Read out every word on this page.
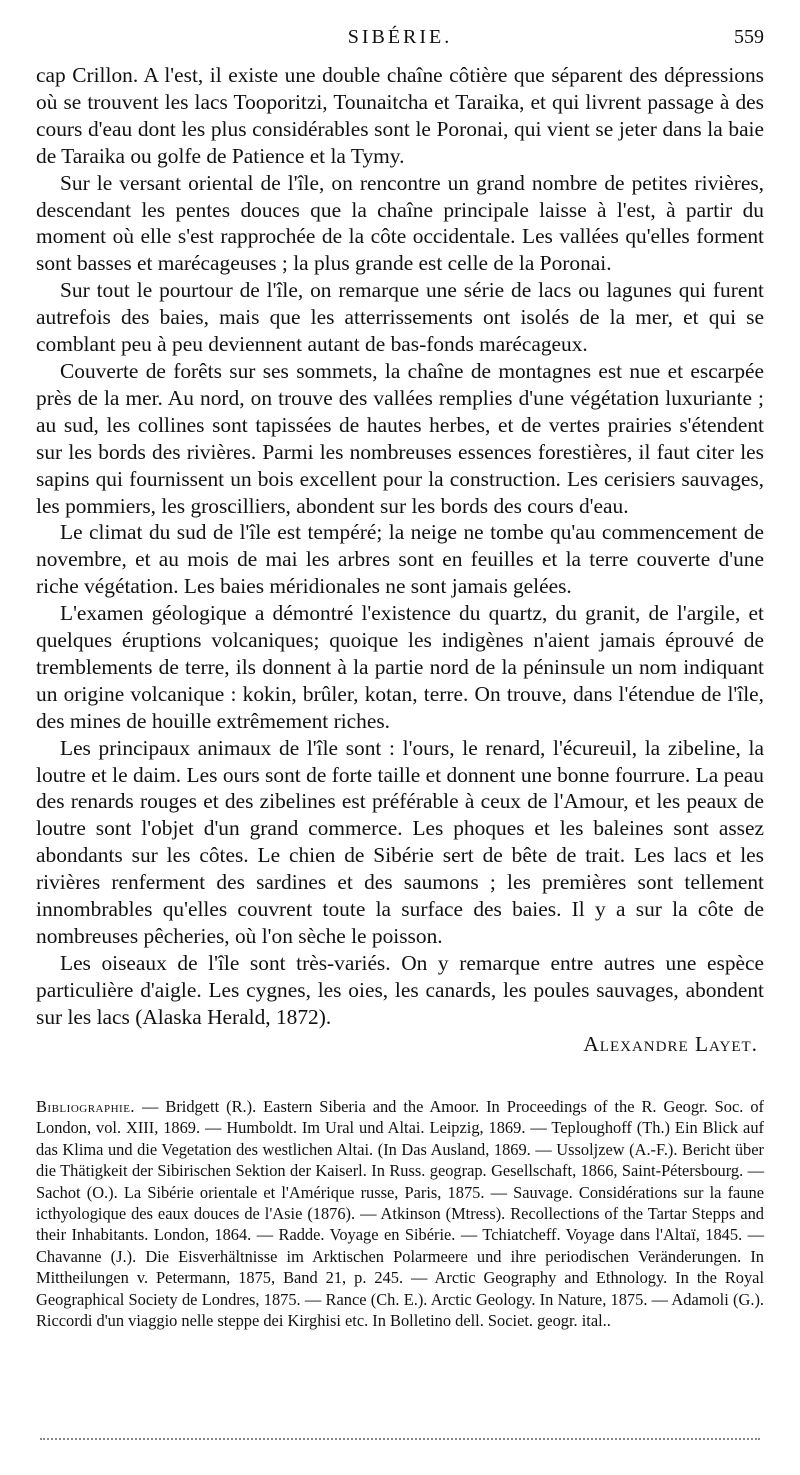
SIBÉRIE.	559

cap Crillon. A l'est, il existe une double chaîne côtière que séparent des dépressions où se trouvent les lacs Tooporitzi, Tounaitcha et Taraika, et qui livrent passage à des cours d'eau dont les plus considérables sont le Poronai, qui vient se jeter dans la baie de Taraika ou golfe de Patience et la Tymy.

Sur le versant oriental de l'île, on rencontre un grand nombre de petites rivières, descendant les pentes douces que la chaîne principale laisse à l'est, à partir du moment où elle s'est rapprochée de la côte occidentale. Les vallées qu'elles forment sont basses et marécageuses ; la plus grande est celle de la Poronai.

Sur tout le pourtour de l'île, on remarque une série de lacs ou lagunes qui furent autrefois des baies, mais que les atterrissements ont isolés de la mer, et qui se comblant peu à peu deviennent autant de bas-fonds marécageux.

Couverte de forêts sur ses sommets, la chaîne de montagnes est nue et escarpée près de la mer. Au nord, on trouve des vallées remplies d'une végétation luxuriante ; au sud, les collines sont tapissées de hautes herbes, et de vertes prairies s'étendent sur les bords des rivières. Parmi les nombreuses essences forestières, il faut citer les sapins qui fournissent un bois excellent pour la construction. Les cerisiers sauvages, les pommiers, les groscilliers, abondent sur les bords des cours d'eau.

Le climat du sud de l'île est tempéré; la neige ne tombe qu'au commencement de novembre, et au mois de mai les arbres sont en feuilles et la terre couverte d'une riche végétation. Les baies méridionales ne sont jamais gelées.

L'examen géologique a démontré l'existence du quartz, du granit, de l'argile, et quelques éruptions volcaniques; quoique les indigènes n'aient jamais éprouvé de tremblements de terre, ils donnent à la partie nord de la péninsule un nom indiquant un origine volcanique : kokin, brûler, kotan, terre. On trouve, dans l'étendue de l'île, des mines de houille extrêmement riches.

Les principaux animaux de l'île sont : l'ours, le renard, l'écureuil, la zibeline, la loutre et le daim. Les ours sont de forte taille et donnent une bonne fourrure. La peau des renards rouges et des zibelines est préférable à ceux de l'Amour, et les peaux de loutre sont l'objet d'un grand commerce. Les phoques et les baleines sont assez abondants sur les côtes. Le chien de Sibérie sert de bête de trait. Les lacs et les rivières renferment des sardines et des saumons ; les premières sont tellement innombrables qu'elles couvrent toute la surface des baies. Il y a sur la côte de nombreuses pêcheries, où l'on sèche le poisson.

Les oiseaux de l'île sont très-variés. On y remarque entre autres une espèce particulière d'aigle. Les cygnes, les oies, les canards, les poules sauvages, abondent sur les lacs (Alaska Herald, 1872).

Alexandre Layet.
Bibliographie. — Bridgett (R.). Eastern Siberia and the Amoor. In Proceedings of the R. Geogr. Soc. of London, vol. XIII, 1869. — Humboldt. Im Ural und Altai. Leipzig, 1869. — Teploughoff (Th.) Ein Blick auf das Klima und die Vegetation des westlichen Altai. (In Das Ausland, 1869. — Ussoljzew (A.-F.). Bericht über die Thätigkeit der Sibirischen Sektion der Kaiserl. In Russ. geograp. Gesellschaft, 1866, Saint-Pétersbourg. — Sachot (O.). La Sibérie orientale et l'Amérique russe, Paris, 1875. — Sauvage. Considérations sur la faune icthyologique des eaux douces de l'Asie (1876). — Atkinson (Mtress). Recollections of the Tartar Stepps and their Inhabitants. London, 1864. — Radde. Voyage en Sibérie. — Tchiatcheff. Voyage dans l'Altaï, 1845. — Chavanne (J.). Die Eisverhältnisse im Arktischen Polarmeere und ihre periodischen Veränderungen. In Mittheilungen v. Petermann, 1875, Band 21, p. 245. — Arctic Geography and Ethnology. In the Royal Geographical Society de Londres, 1875. — Rance (Ch. E.). Arctic Geology. In Nature, 1875. — Adamoli (G.). Riccordi d'un viaggio nelle steppe dei Kirghisi etc. In Bolletino dell. Societ. geogr. ital..
